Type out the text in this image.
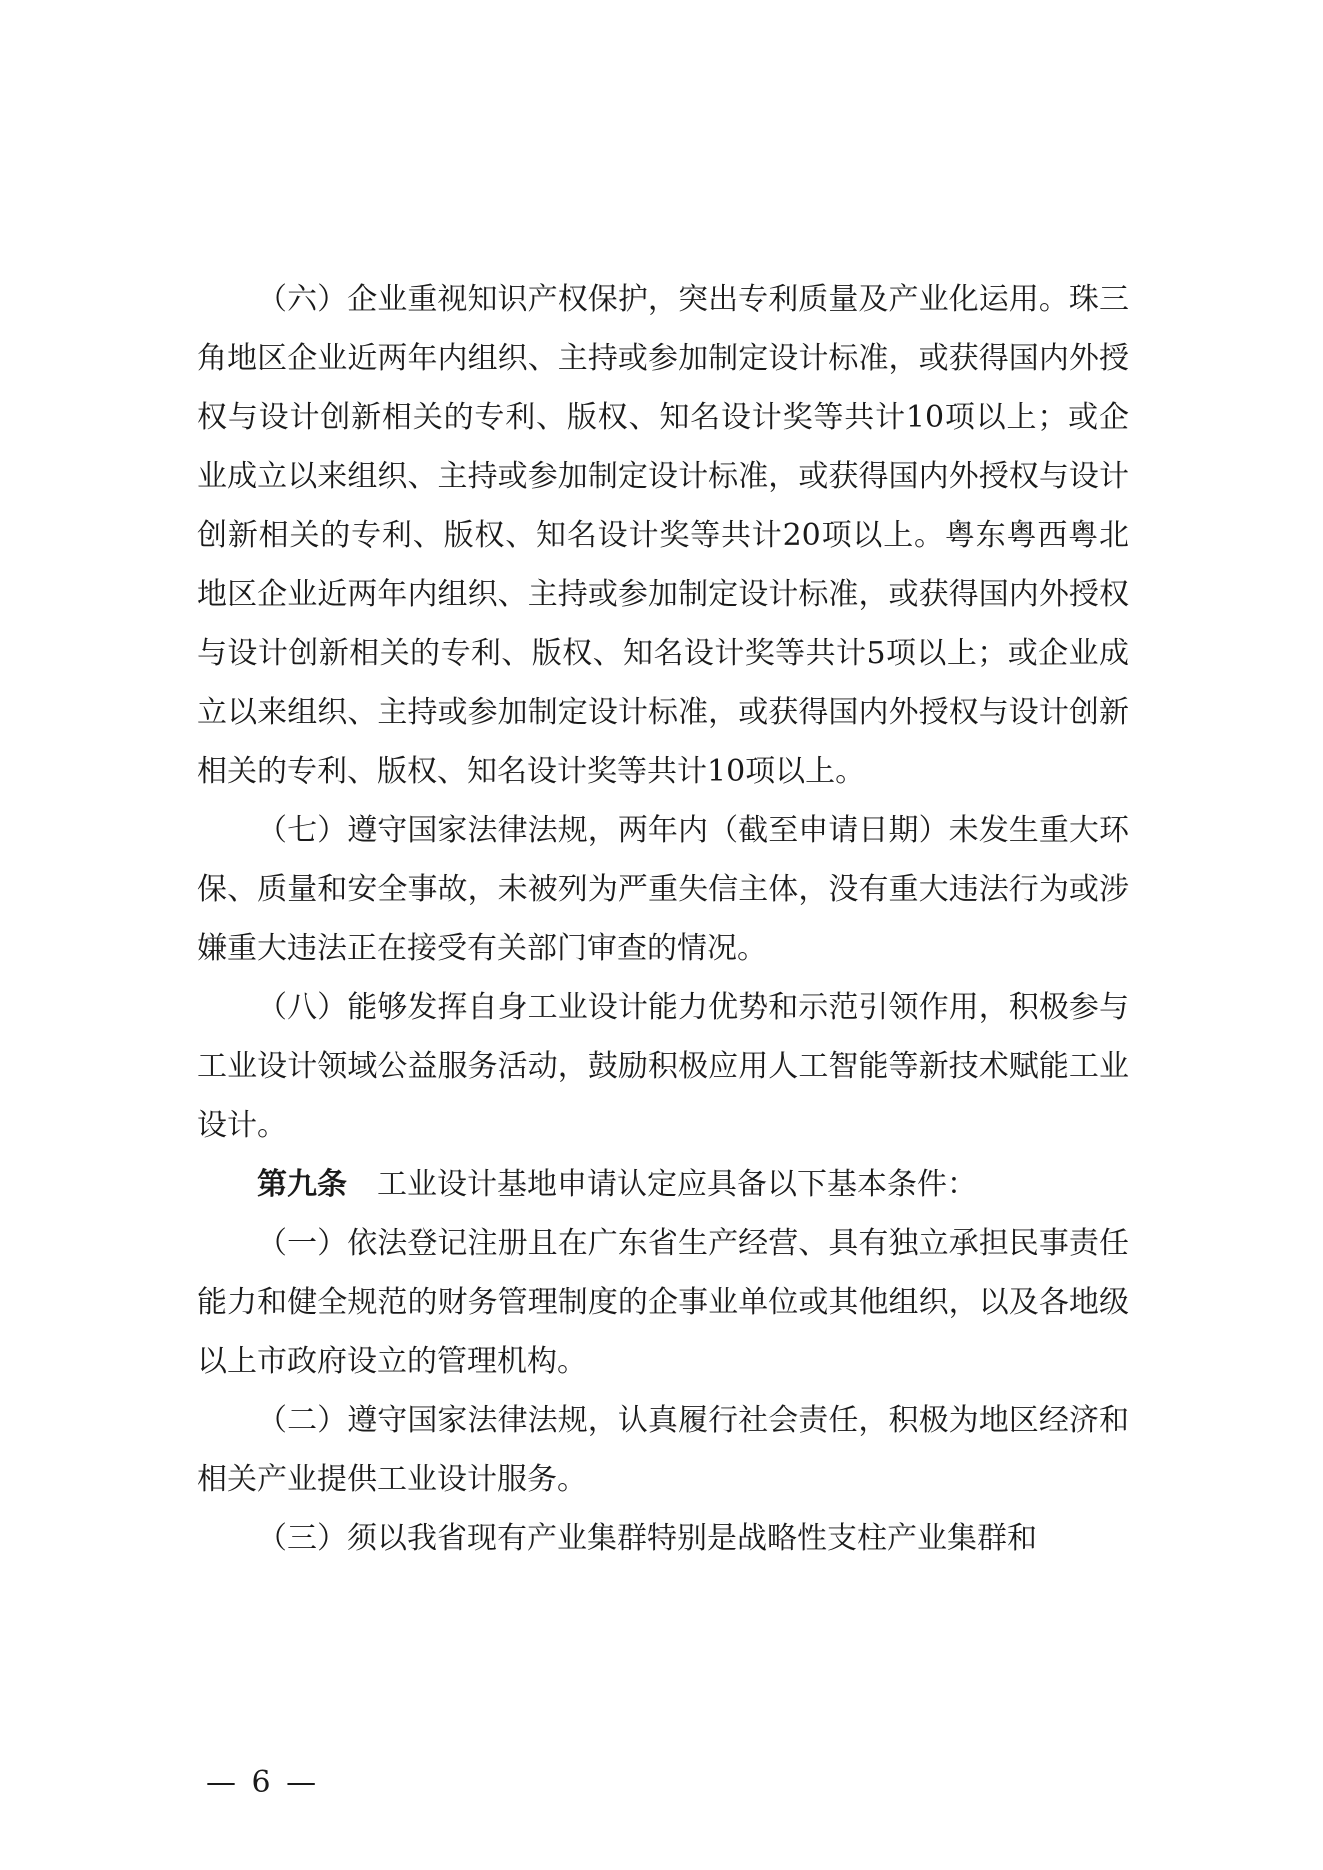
（六）企业重视知识产权保护，突出专利质量及产业化运用。珠三角地区企业近两年内组织、主持或参加制定设计标准，或获得国内外授权与设计创新相关的专利、版权、知名设计奖等共计10项以上；或企业成立以来组织、主持或参加制定设计标准，或获得国内外授权与设计创新相关的专利、版权、知名设计奖等共计20项以上。粤东粤西粤北地区企业近两年内组织、主持或参加制定设计标准，或获得国内外授权与设计创新相关的专利、版权、知名设计奖等共计5项以上；或企业成立以来组织、主持或参加制定设计标准，或获得国内外授权与设计创新相关的专利、版权、知名设计奖等共计10项以上。

（七）遵守国家法律法规，两年内（截至申请日期）未发生重大环保、质量和安全事故，未被列为严重失信主体，没有重大违法行为或涉嫌重大违法正在接受有关部门审查的情况。

（八）能够发挥自身工业设计能力优势和示范引领作用，积极参与工业设计领域公益服务活动，鼓励积极应用人工智能等新技术赋能工业设计。

第九条 工业设计基地申请认定应具备以下基本条件：

（一）依法登记注册且在广东省生产经营、具有独立承担民事责任能力和健全规范的财务管理制度的企事业单位或其他组织，以及各地级以上市政府设立的管理机构。

（二）遵守国家法律法规，认真履行社会责任，积极为地区经济和相关产业提供工业设计服务。

（三）须以我省现有产业集群特别是战略性支柱产业集群和

— 6 —
